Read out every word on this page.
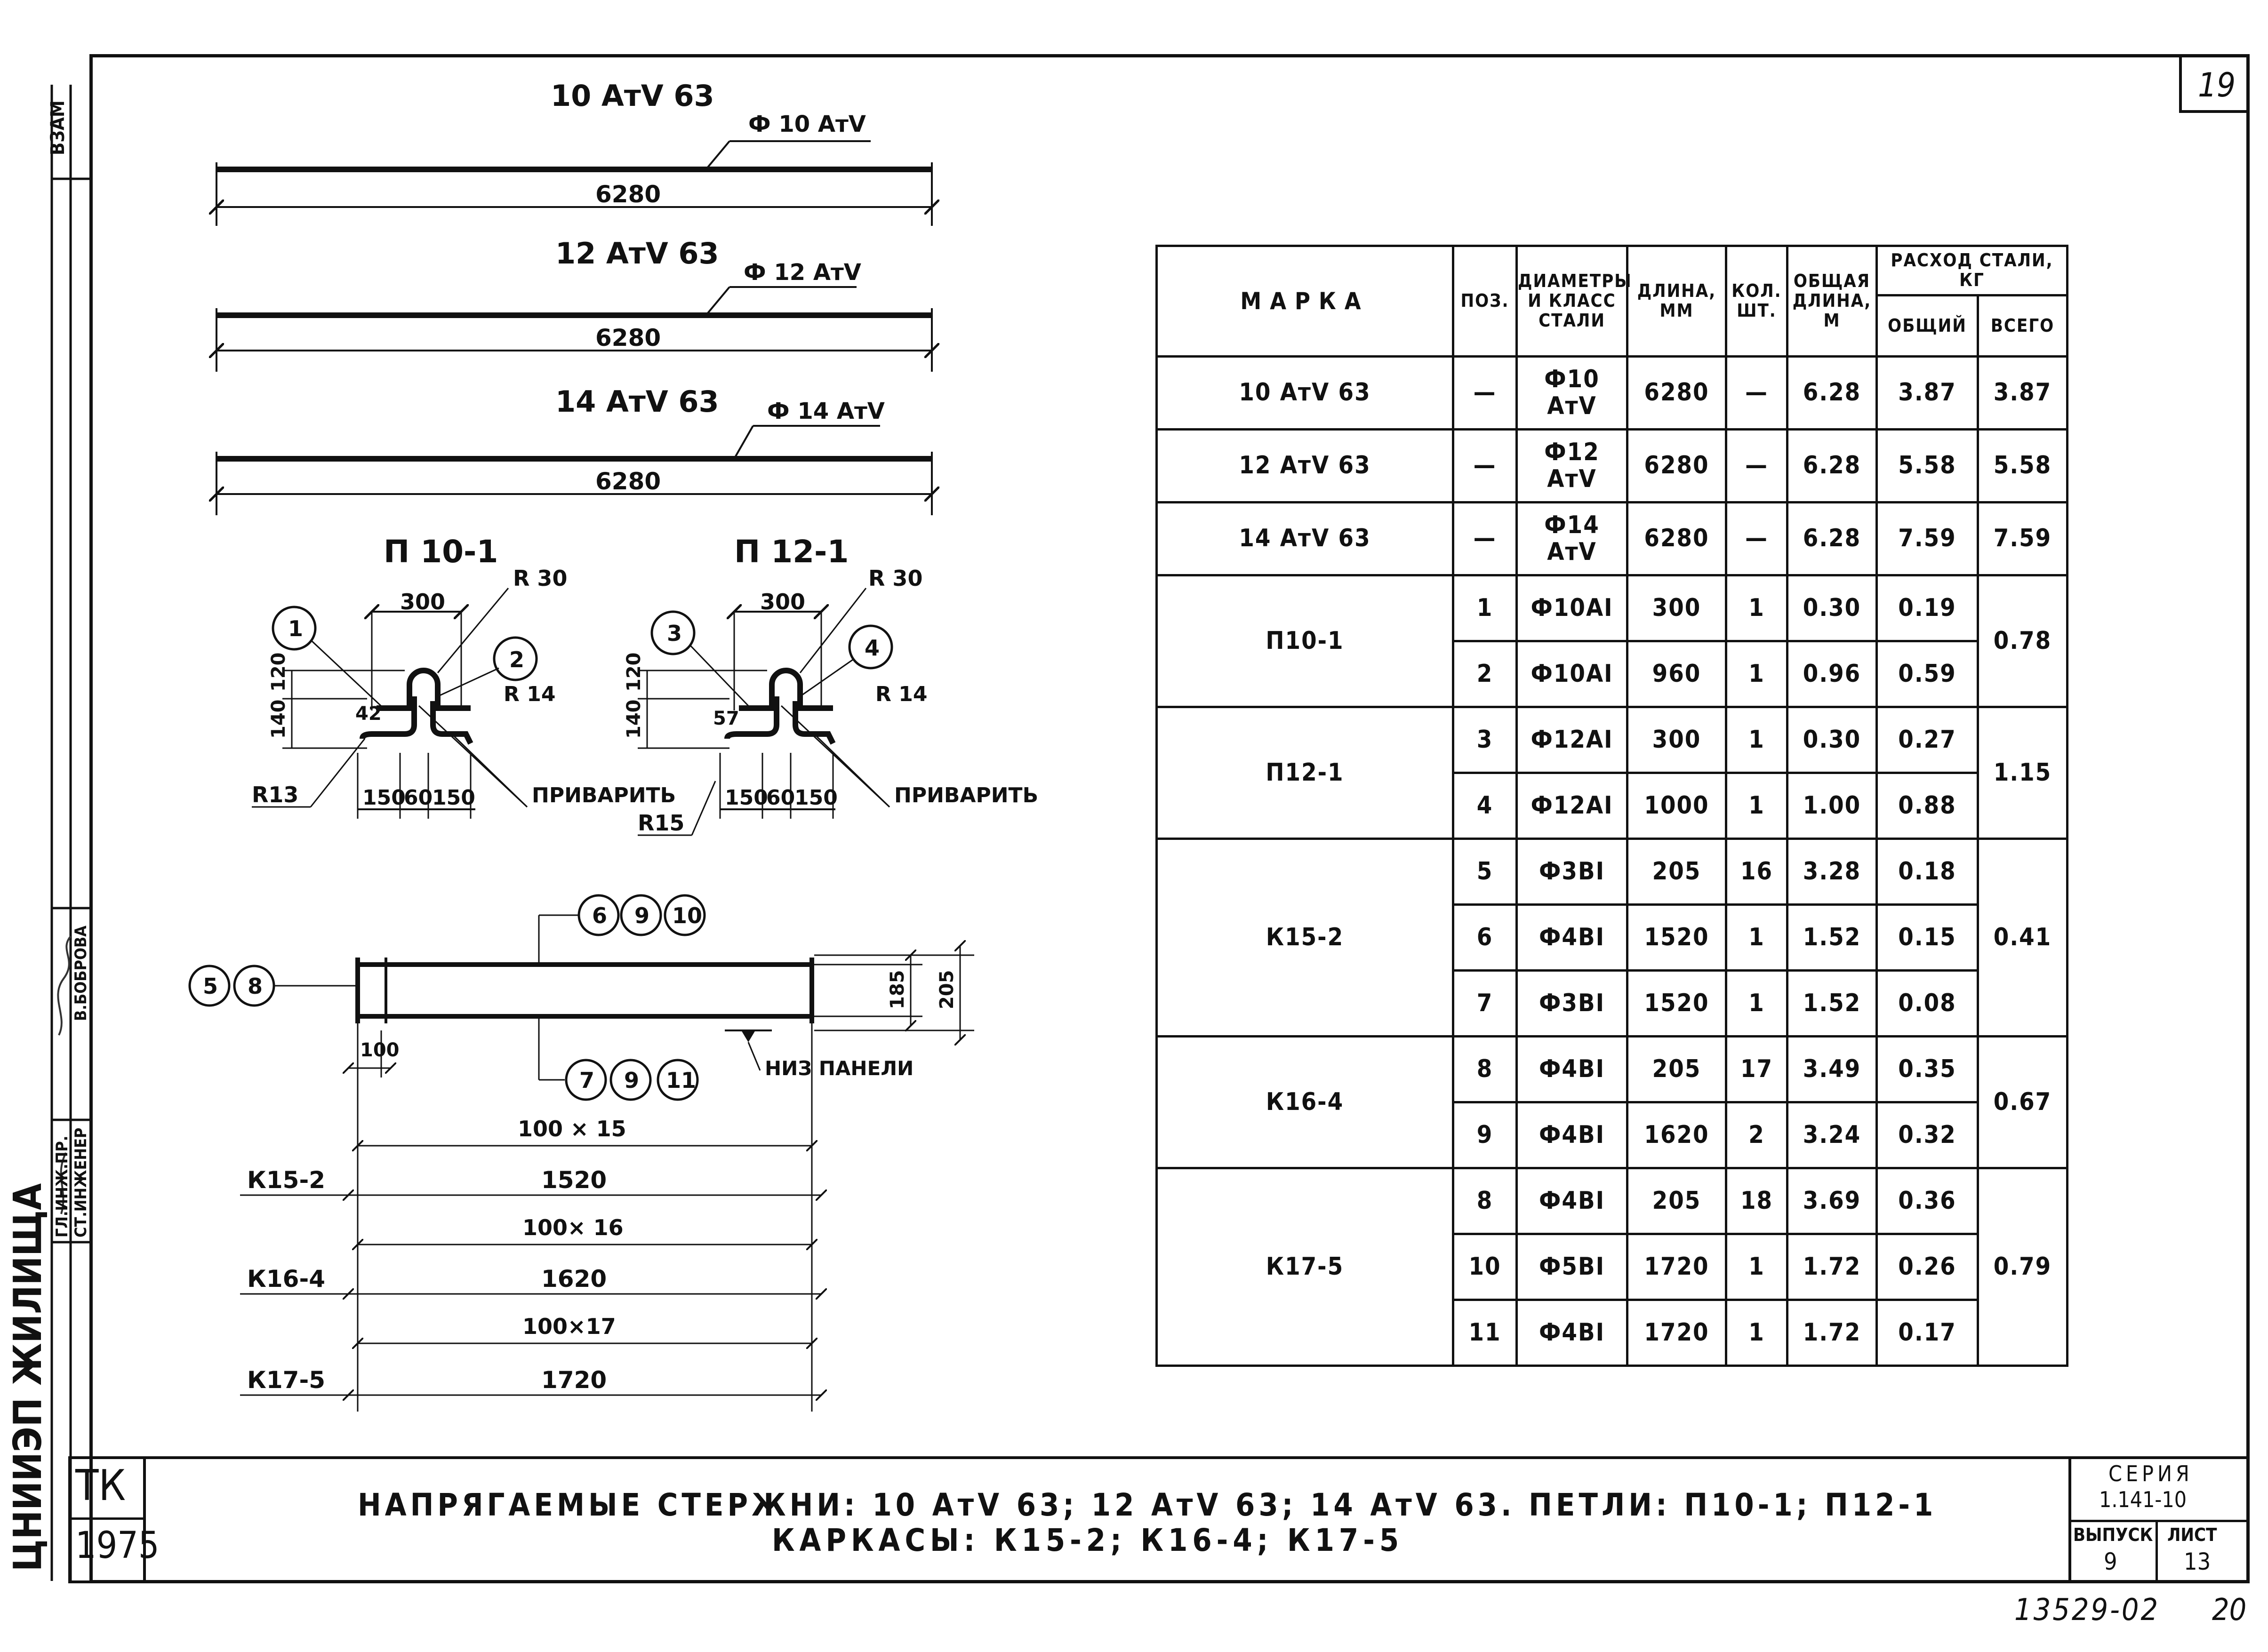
19
ВЗАМ
ЦНИИЭП ЖИЛИЩА ГЛ.ИНЖ.ПР. СТ.ИНЖЕНЕР
В.БОБРОВА
10 АтⅤ 63
Ф 10 АтⅤ
6280
12 АтⅤ 63
Ф 12 АтⅤ
6280
14 АтⅤ 63 Ф 14 АтⅤ
6280
П 10-1
R 30
300
1
2
R 14
42
120
140
150
60
150
R13	ПРИВАРИТЬ
П 12-1
R 30
300
3
4
R 14
57
120
140
150
60
150
R15
ПРИВАРИТЬ
100
6 9 10
7 9 11
5 8	185 205
НИЗ ПАНЕЛИ
100 × 15
1520
К15-2
100× 16
1620
К16-4
100×17
1720
К17-5
МАРКА	ПОЗ.	ДИАМЕТРЫ И КЛАСС СТАЛИ	ДЛИНА, ММ	КОЛ. ШТ.	ОБЩАЯ ДЛИНА, М	РАСХОД СТАЛИ, КГ	
						ОБЩИЙ	ВСЕГО
10 АтⅤ 63	—	Ф10 АтⅤ	6280	—	6.28	3.87	3.87
12 АтⅤ 63	—	Ф12 АтⅤ	6280	—	6.28	5.58	5.58
14 АтⅤ 63	—	Ф14 АтⅤ	6280	—	6.28	7.59	7.59
П10-1	1	Ф10АⅠ	300	1	0.30	0.19	0.78
	2	Ф10АⅠ	960	1	0.96	0.59	
П12-1	3	Ф12АⅠ	300	1	0.30	0.27	1.15
	4	Ф12АⅠ	1000	1	1.00	0.88	
К15-2	5	Ф3ВⅠ	205	16	3.28	0.18	0.41
	6	Ф4ВⅠ	1520	1	1.52	0.15	
	7	Ф3ВⅠ	1520	1	1.52	0.08	
К16-4	8	Ф4ВⅠ	205	17	3.49	0.35	0.67
	9	Ф4ВⅠ	1620	2	3.24	0.32	
К17-5	8	Ф4ВⅠ	205	18	3.69	0.36	0.79
	10	Ф5ВⅠ	1720	1	1.72	0.26	
	11	Ф4ВⅠ	1720	1	1.72	0.17	
ТК
1975
НАПРЯГАЕМЫЕ СТЕРЖНИ: 10 АтⅤ 63; 12 АтⅤ 63; 14 АтⅤ 63. ПЕТЛИ: П10-1; П12-1
КАРКАСЫ: К15-2; К16-4; К17-5
СЕРИЯ
1.141-10
ВЫПУСК
9
ЛИСТ
13
13529-02 20
